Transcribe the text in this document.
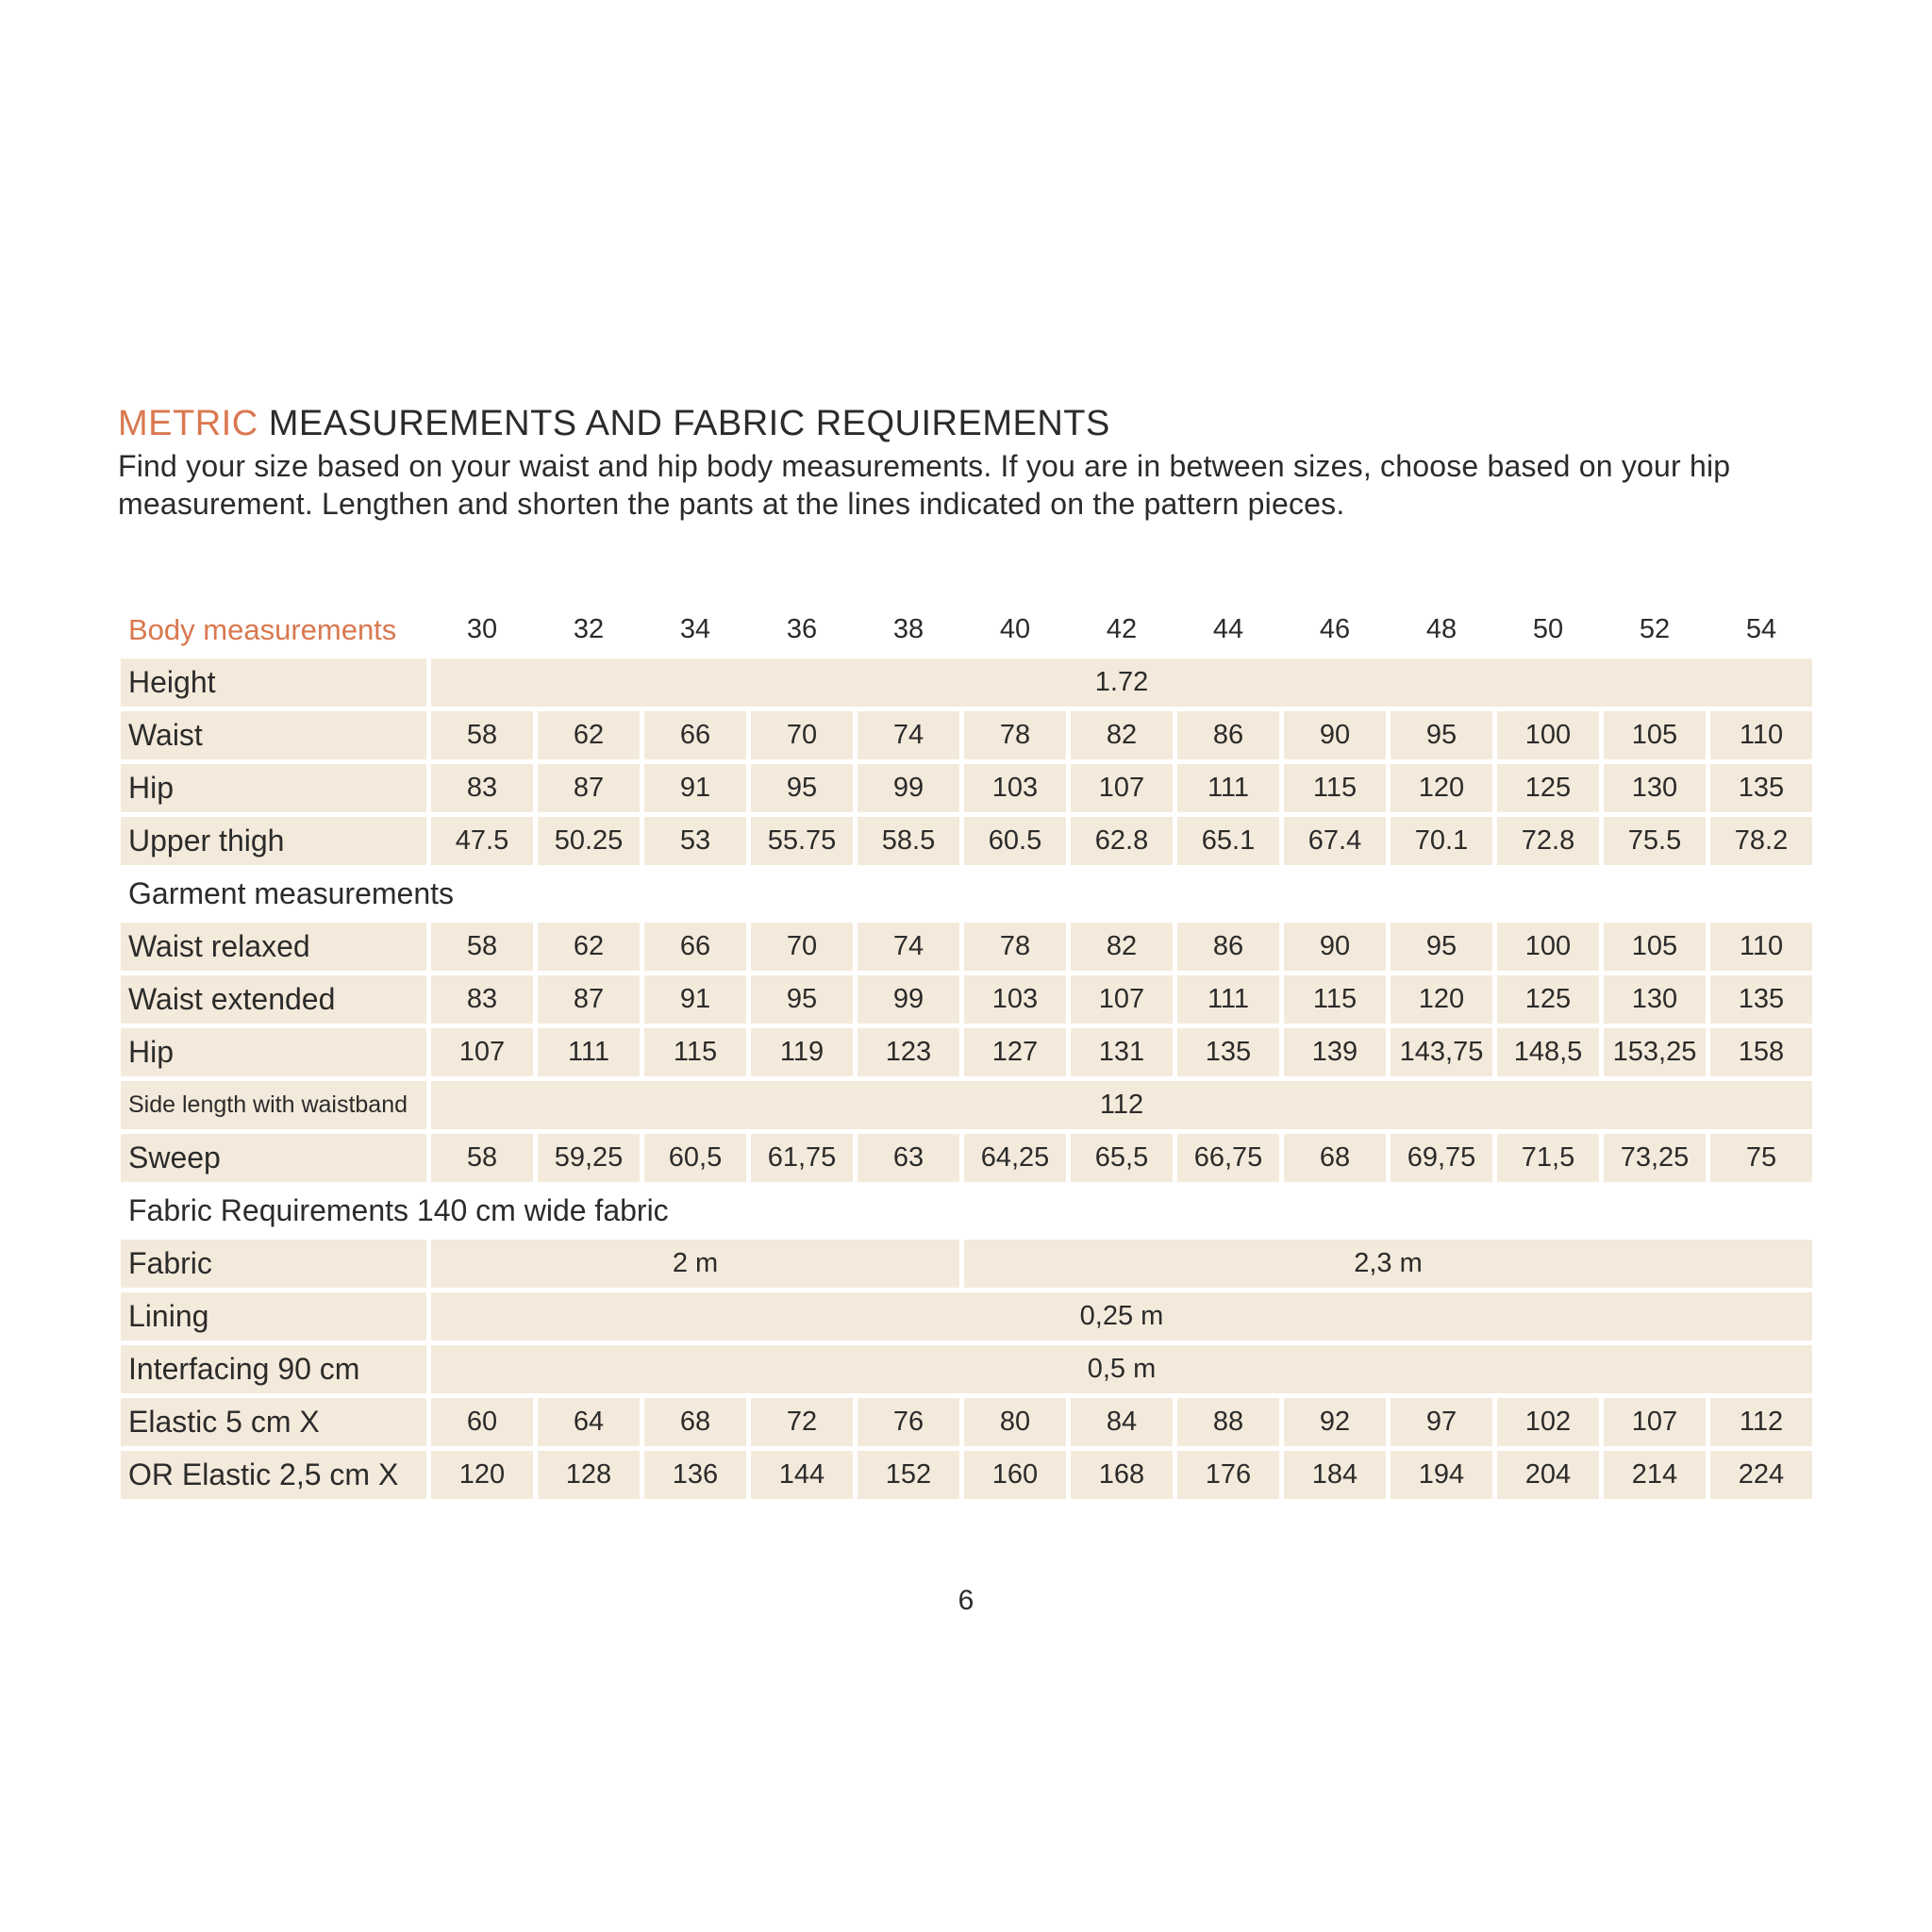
METRIC MEASUREMENTS AND FABRIC REQUIREMENTS

Find your size based on your waist and hip body measurements. If you are in between sizes, choose based on your hip measurement. Lengthen and shorten the pants at the lines indicated on the pattern pieces.

Body measurements	30	32	34	36	38	40	42	44	46	48	50	52	54
Height	1.72												
Waist	58	62	66	70	74	78	82	86	90	95	100	105	110
Hip	83	87	91	95	99	103	107	111	115	120	125	130	135
Upper thigh	47.5	50.25	53	55.75	58.5	60.5	62.8	65.1	67.4	70.1	72.8	75.5	78.2
Garment measurements													
Waist relaxed	58	62	66	70	74	78	82	86	90	95	100	105	110
Waist extended	83	87	91	95	99	103	107	111	115	120	125	130	135
Hip	107	111	115	119	123	127	131	135	139	143,75	148,5	153,25	158
Side length with waistband	112												
Sweep	58	59,25	60,5	61,75	63	64,25	65,5	66,75	68	69,75	71,5	73,25	75
Fabric Requirements 140 cm wide fabric													
Fabric	2 m					2,3 m							
Lining	0,25 m												
Interfacing 90 cm	0,5 m												
Elastic 5 cm X	60	64	68	72	76	80	84	88	92	97	102	107	112
OR Elastic 2,5 cm X	120	128	136	144	152	160	168	176	184	194	204	214	224

6
